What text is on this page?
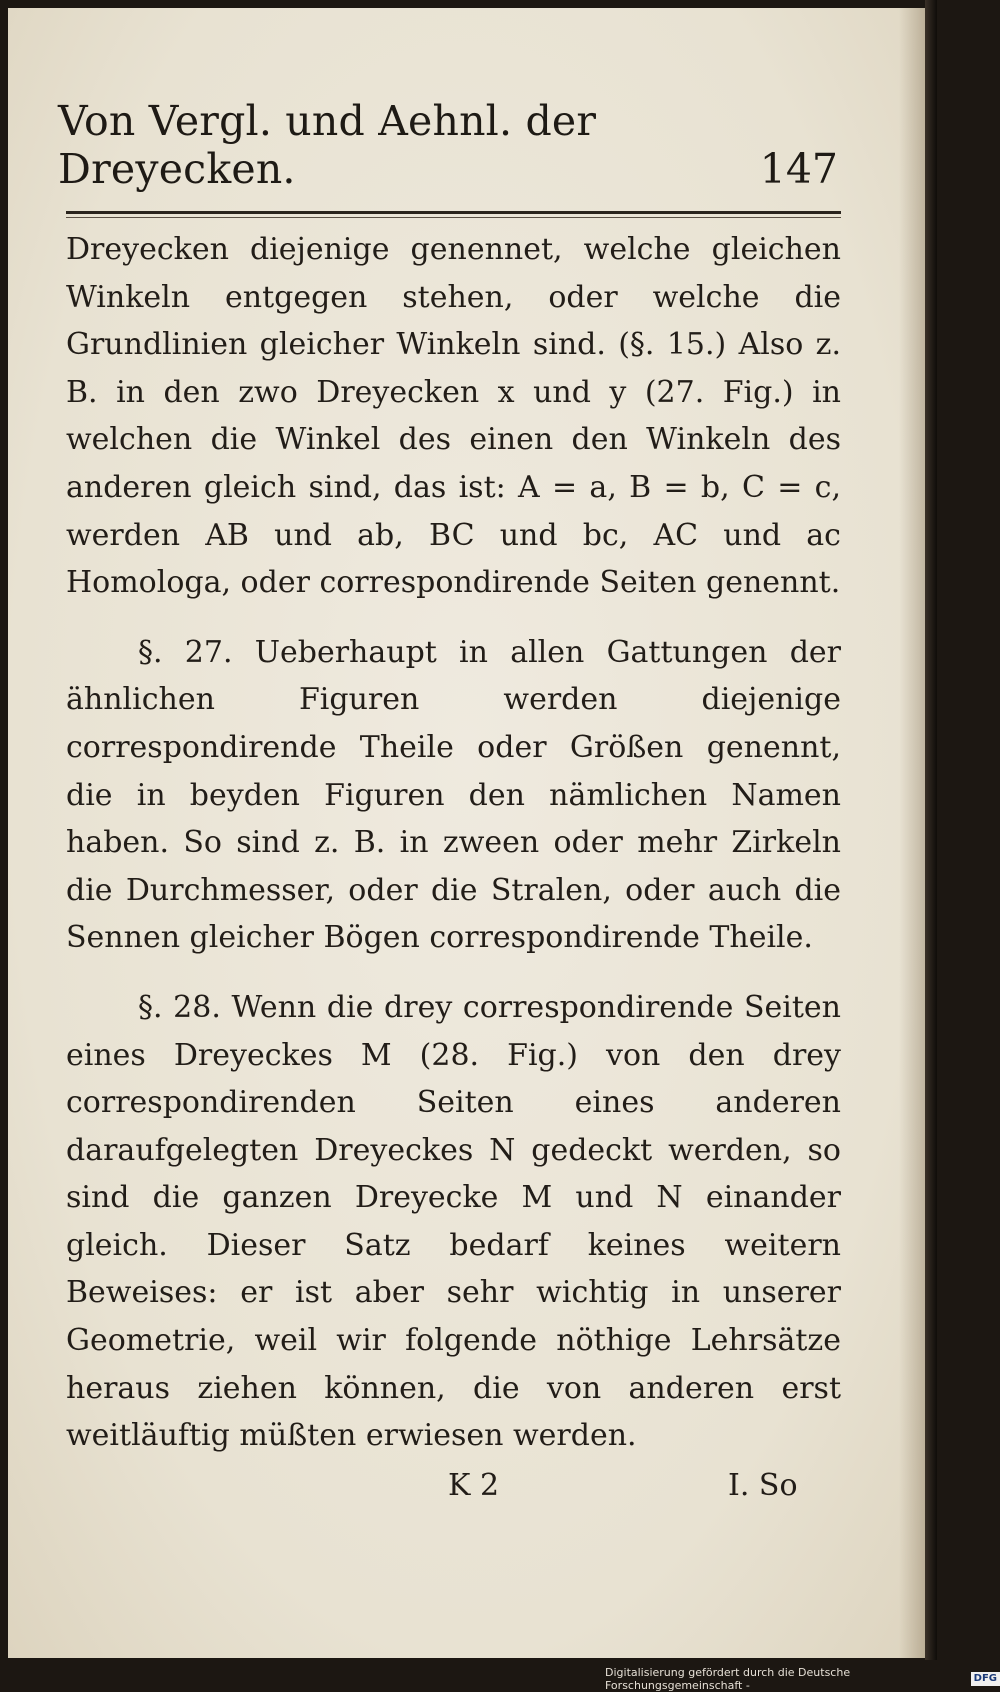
Von Vergl. und Aehnl. der Dreyecken.	147

Dreyecken diejenige genennet, welche gleichen Winkeln entgegen stehen, oder welche die Grundlinien gleicher Winkeln sind. (§. 15.) Also z. B. in den zwo Dreyecken x und y (27. Fig.) in welchen die Winkel des einen den Winkeln des anderen gleich sind, das ist: A = a, B = b, C = c, werden AB und ab, BC und bc, AC und ac Homologa, oder correspondirende Seiten genennt.

§. 27. Ueberhaupt in allen Gattungen der ähnlichen Figuren werden diejenige correspondirende Theile oder Größen genennt, die in beyden Figuren den nämlichen Namen haben. So sind z. B. in zween oder mehr Zirkeln die Durchmesser, oder die Stralen, oder auch die Sennen gleicher Bögen correspondirende Theile.

§. 28. Wenn die drey correspondirende Seiten eines Dreyeckes M (28. Fig.) von den drey correspondirenden Seiten eines anderen daraufgelegten Dreyeckes N gedeckt werden, so sind die ganzen Dreyecke M und N einander gleich. Dieser Satz bedarf keines weitern Beweises: er ist aber sehr wichtig in unserer Geometrie, weil wir folgende nöthige Lehrsätze heraus ziehen können, die von anderen erst weitläuftig müßten erwiesen werden.

K 2	I. So
Digitalisierung gefördert durch die Deutsche Forschungsgemeinschaft -
DFG
